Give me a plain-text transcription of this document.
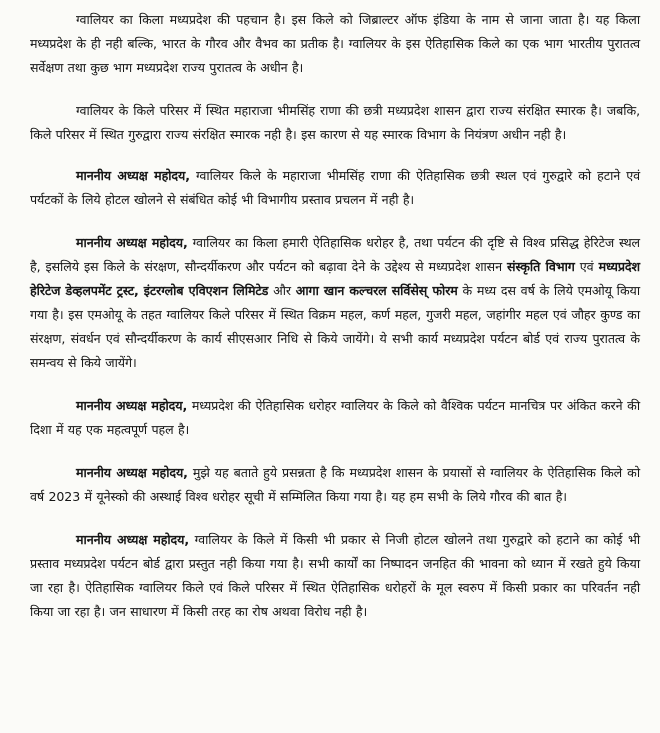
ग्वालियर का किला मध्यप्रदेश की पहचान है। इस किले को जिब्राल्टर ऑफ इंडिया के नाम से जाना जाता है। यह किला मध्यप्रदेश के ही नही बल्कि, भारत के गौरव और वैभव का प्रतीक है। ग्वालियर के इस ऐतिहासिक किले का एक भाग भारतीय पुरातत्व सर्वेक्षण तथा कुछ भाग मध्यप्रदेश राज्य पुरातत्व के अधीन है।

ग्वालियर के किले परिसर में स्थित महाराजा भीमसिंह राणा की छत्री मध्यप्रदेश शासन द्वारा राज्य संरक्षित स्मारक है। जबकि, किले परिसर में स्थित गुरुद्वारा राज्य संरक्षित स्मारक नही है। इस कारण से यह स्मारक विभाग के नियंत्रण अधीन नही है।

माननीय अध्यक्ष महोदय, ग्वालियर किले के महाराजा भीमसिंह राणा की ऐतिहासिक छत्री स्थल एवं गुरुद्वारे को हटाने एवं पर्यटकों के लिये होटल खोलने से संबंधित कोई भी विभागीय प्रस्ताव प्रचलन में नही है।

माननीय अध्यक्ष महोदय, ग्वालियर का किला हमारी ऐतिहासिक धरोहर है, तथा पर्यटन की दृष्टि से विश्व प्रसिद्ध हेरिटेज स्थल है, इसलिये इस किले के संरक्षण, सौन्दर्यीकरण और पर्यटन को बढ़ावा देने के उद्देश्य से मध्यप्रदेश शासन संस्कृति विभाग एवं मध्यप्रदेश हेरिटेज डेव्हलपमेंट ट्रस्ट, इंटरग्लोब एविएशन लिमिटेड और आगा खान कल्चरल सर्विसेस् फोरम के मध्य दस वर्ष के लिये एमओयू किया गया है। इस एमओयू के तहत ग्वालियर किले परिसर में स्थित विक्रम महल, कर्ण महल, गुजरी महल, जहांगीर महल एवं जौहर कुण्ड का संरक्षण, संवर्धन एवं सौन्दर्यीकरण के कार्य सीएसआर निधि से किये जायेंगे। ये सभी कार्य मध्यप्रदेश पर्यटन बोर्ड एवं राज्य पुरातत्व के समन्वय से किये जायेंगे।

माननीय अध्यक्ष महोदय, मध्यप्रदेश की ऐतिहासिक धरोहर ग्वालियर के किले को वैश्विक पर्यटन मानचित्र पर अंकित करने की दिशा में यह एक महत्वपूर्ण पहल है।

माननीय अध्यक्ष महोदय, मुझे यह बताते हुये प्रसन्नता है कि मध्यप्रदेश शासन के प्रयासों से ग्वालियर के ऐतिहासिक किले को वर्ष 2023 में यूनेस्को की अस्थाई विश्व धरोहर सूची में सम्मिलित किया गया है। यह हम सभी के लिये गौरव की बात है।

माननीय अध्यक्ष महोदय, ग्वालियर के किले में किसी भी प्रकार से निजी होटल खोलने तथा गुरुद्वारे को हटाने का कोई भी प्रस्ताव मध्यप्रदेश पर्यटन बोर्ड द्वारा प्रस्तुत नही किया गया है। सभी कार्यों का निष्पादन जनहित की भावना को ध्यान में रखते हुये किया जा रहा है। ऐतिहासिक ग्वालियर किले एवं किले परिसर में स्थित ऐतिहासिक धरोहरों के मूल स्वरुप में किसी प्रकार का परिवर्तन नही किया जा रहा है। जन साधारण में किसी तरह का रोष अथवा विरोध नही है।
